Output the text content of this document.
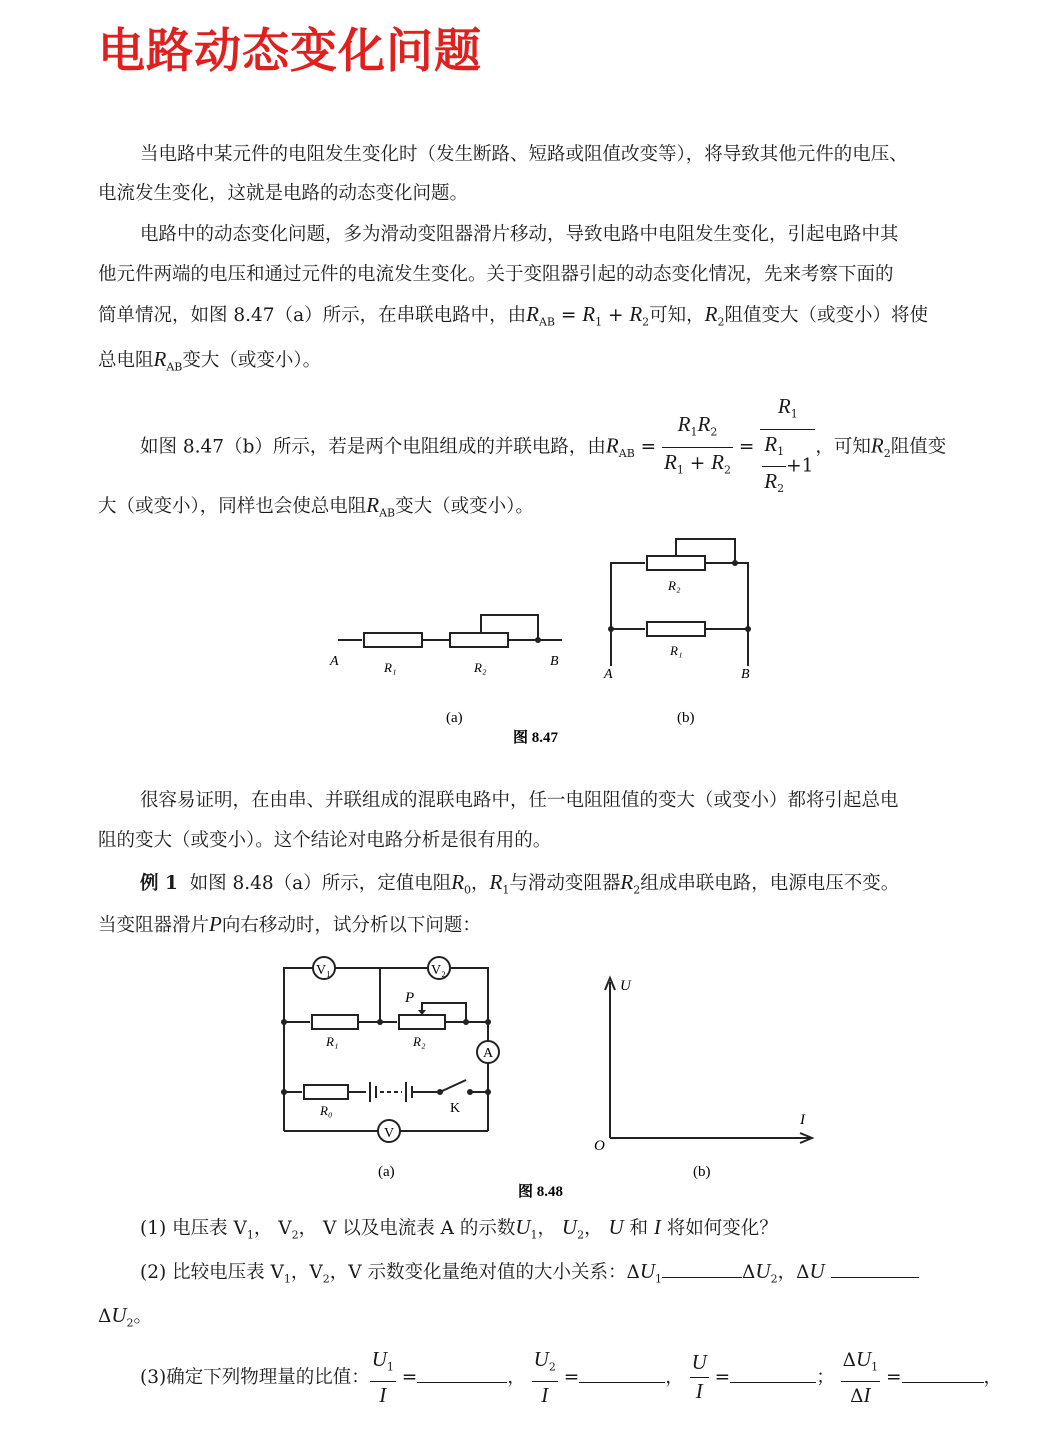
电路动态变化问题
当电路中某元件的电阻发生变化时（发生断路、短路或阻值改变等），将导致其他元件的电压、
电流发生变化，这就是电路的动态变化问题。
电路中的动态变化问题，多为滑动变阻器滑片移动，导致电路中电阻发生变化，引起电路中其
他元件两端的电压和通过元件的电流发生变化。关于变阻器引起的动态变化情况，先来考察下面的
简单情况，如图 8.47（a）所示，在串联电路中，由$R_{AB} = R_1 + R_2$可知，$R_2$阻值变大（或变小）将使
总电阻$R_{AB}$变大（或变小）。
如图 8.47（b）所示，若是两个电阻组成的并联电路，由$R_{AB} = \frac{R_1R_2}{R_1 + R_2} = \frac{R_1}{\frac{R_1}{R_2} +1}$ ，可知$R_2$阻值变
大（或变小），同样也会使总电阻$R_{AB}$变大（或变小）。
A	R₁	R₂	B
R₂
R₁
A	B
(a)	(b)
图 8.47
V₁	V₂
A
V
P
R₁	R₂
R₀	K
U
I
O
(a)	(b)
图 8.48
很容易证明，在由串、并联组成的混联电路中，任一电阻阻值的变大（或变小）都将引起总电
阻的变大（或变小）。这个结论对电路分析是很有用的。
例 1 如图 8.48（a）所示，定值电阻$R_0$，$R_1$与滑动变阻器$R_2$组成串联电路，电源电压不变。
当变阻器滑片P向右移动时，试分析以下问题：
(1) 电压表 $V_1$， $V_2$， V 以及电流表 A 的示数$U_1$， $U_2$， U 和 I 将如何变化？
(2) 比较电压表 $V_1$，$V_2$，V 示数变化量绝对值的大小关系：$\Delta U_1$	$\Delta U_2$，ΔU
$\Delta U_2$。
(3)确定下列物理量的比值： $\frac{U_1}{I}$ =	， $\frac{U_2}{I}$ =	， $\frac{U}{I}$ =	； $\frac{\Delta U_1}{\Delta I}$ =	，
